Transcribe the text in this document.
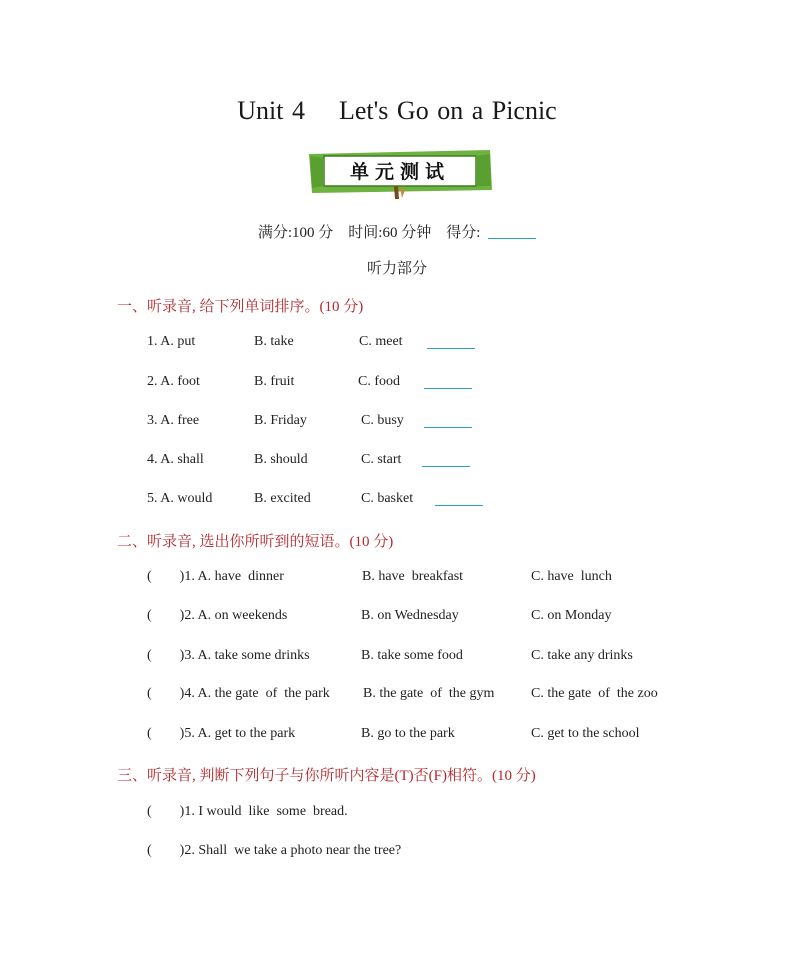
Unit 4    Let's Go on a Picnic
单元测试
满分:100 分    时间:60 分钟    得分:
听力部分
一、听录音, 给下列单词排序。(10 分)
1. A. put	B. take	C. meet
2. A. foot	B. fruit	C. food
3. A. free	B. Friday	C. busy
4. A. shall	B. should	C. start
5. A. would	B. excited	C. basket
二、听录音, 选出你所听到的短语。(10 分)
(        )1. A. have  dinner	B. have  breakfast	C. have  lunch
(        )2. A. on weekends	B. on Wednesday	C. on Monday
(        )3. A. take some drinks	B. take some food	C. take any drinks
(        )4. A. the gate  of  the park B. the gate  of  the gym	C. the gate  of  the zoo
(        )5. A. get to the park	B. go to the park	C. get to the school
三、听录音, 判断下列句子与你所听内容是(T)否(F)相符。(10 分)
(        )1. I would  like  some  bread.
(        )2. Shall  we take a photo near the tree?
